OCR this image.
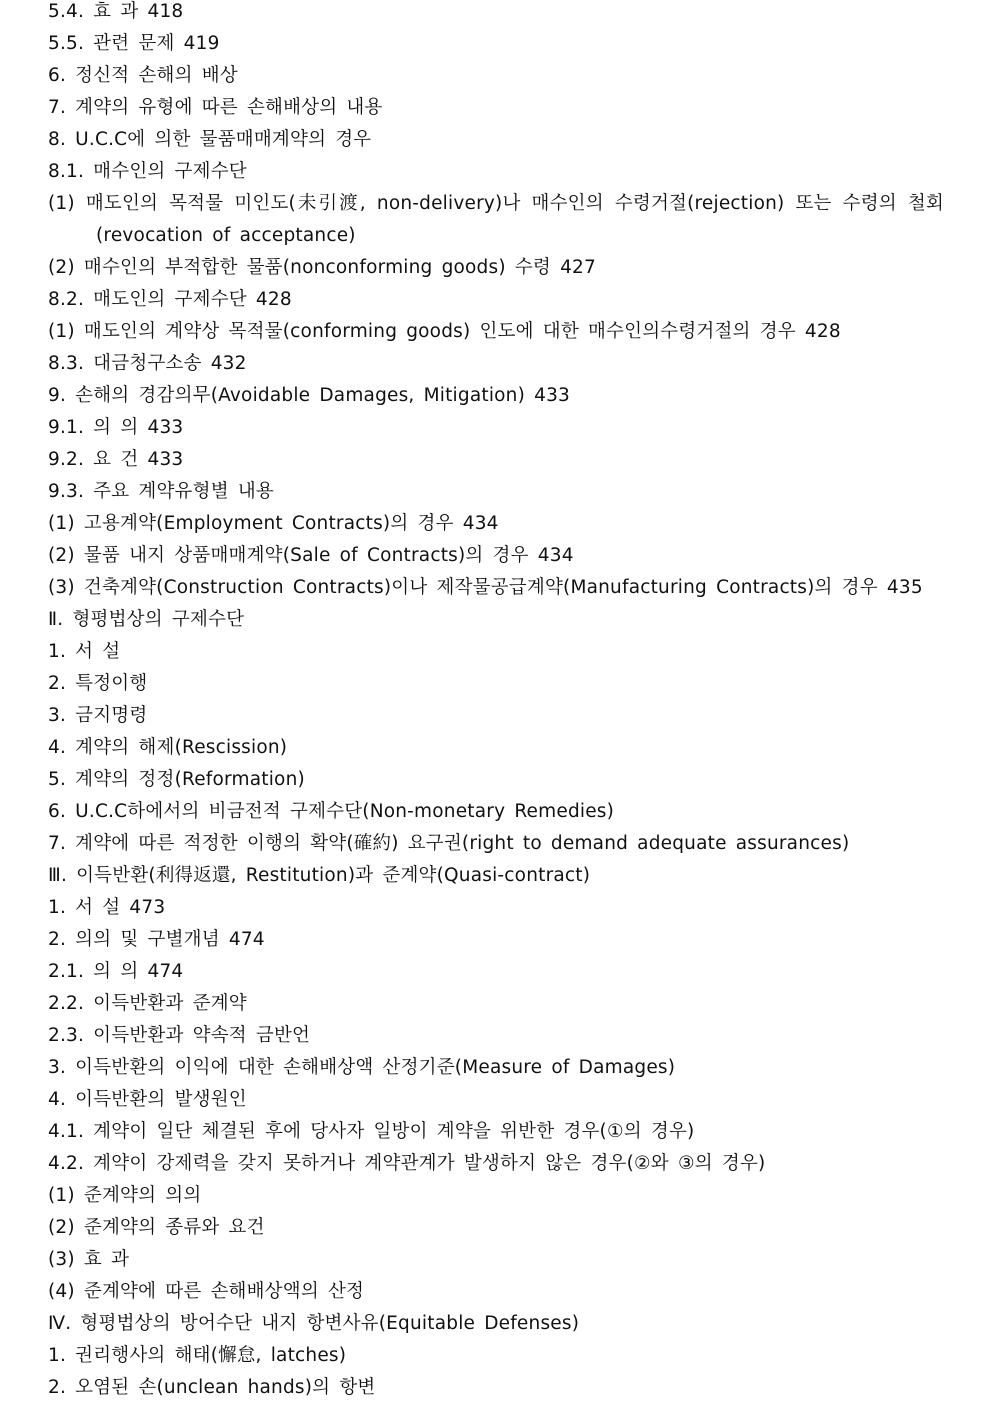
5.4. 효 과 418
5.5. 관련 문제 419
6. 정신적 손해의 배상
7. 계약의 유형에 따른 손해배상의 내용
8. U.C.C에 의한 물품매매계약의 경우
8.1. 매수인의 구제수단
(1) 매도인의 목적물 미인도(未引渡, non-delivery)나 매수인의 수령거절(rejection) 또는 수령의 철회
(revocation of acceptance)
(2) 매수인의 부적합한 물품(nonconforming goods) 수령 427
8.2. 매도인의 구제수단 428
(1) 매도인의 계약상 목적물(conforming goods) 인도에 대한 매수인의수령거절의 경우 428
8.3. 대금청구소송 432
9. 손해의 경감의무(Avoidable Damages, Mitigation) 433
9.1. 의 의 433
9.2. 요 건 433
9.3. 주요 계약유형별 내용
(1) 고용계약(Employment Contracts)의 경우 434
(2) 물품 내지 상품매매계약(Sale of Contracts)의 경우 434
(3) 건축계약(Construction Contracts)이나 제작물공급계약(Manufacturing Contracts)의 경우 435
Ⅱ. 형평법상의 구제수단
1. 서 설
2. 특정이행
3. 금지명령
4. 계약의 해제(Rescission)
5. 계약의 정정(Reformation)
6. U.C.C하에서의 비금전적 구제수단(Non-monetary Remedies)
7. 계약에 따른 적정한 이행의 확약(確約) 요구권(right to demand adequate assurances)
Ⅲ. 이득반환(利得返還, Restitution)과 준계약(Quasi-contract)
1. 서 설 473
2. 의의 및 구별개념 474
2.1. 의 의 474
2.2. 이득반환과 준계약
2.3. 이득반환과 약속적 금반언
3. 이득반환의 이익에 대한 손해배상액 산정기준(Measure of Damages)
4. 이득반환의 발생원인
4.1. 계약이 일단 체결된 후에 당사자 일방이 계약을 위반한 경우(①의 경우)
4.2. 계약이 강제력을 갖지 못하거나 계약관계가 발생하지 않은 경우(②와 ③의 경우)
(1) 준계약의 의의
(2) 준계약의 종류와 요건
(3) 효 과
(4) 준계약에 따른 손해배상액의 산정
Ⅳ. 형평법상의 방어수단 내지 항변사유(Equitable Defenses)
1. 권리행사의 해태(懈怠, latches)
2. 오염된 손(unclean hands)의 항변
